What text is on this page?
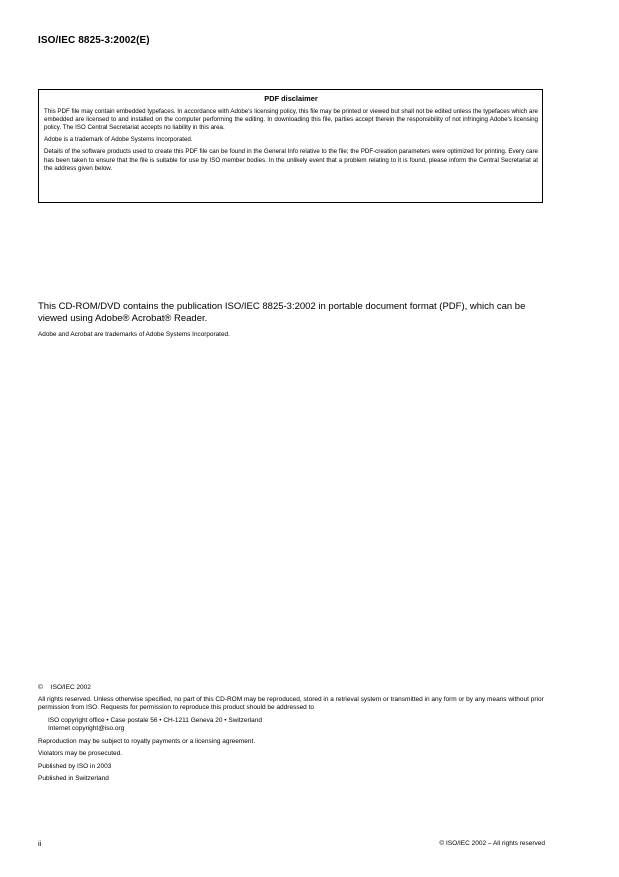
ISO/IEC 8825-3:2002(E)
PDF disclaimer

This PDF file may contain embedded typefaces. In accordance with Adobe's licensing policy, this file may be printed or viewed but shall not be edited unless the typefaces which are embedded are licensed to and installed on the computer performing the editing. In downloading this file, parties accept therein the responsibility of not infringing Adobe's licensing policy. The ISO Central Secretariat accepts no liability in this area.

Adobe is a trademark of Adobe Systems Incorporated.

Details of the software products used to create this PDF file can be found in the General Info relative to the file; the PDF-creation parameters were optimized for printing. Every care has been taken to ensure that the file is suitable for use by ISO member bodies. In the unlikely event that a problem relating to it is found, please inform the Central Secretariat at the address given below.

This CD-ROM/DVD contains the publication ISO/IEC 8825-3:2002 in portable document format (PDF), which can be viewed using Adobe® Acrobat® Reader.
Adobe and Acrobat are trademarks of Adobe Systems Incorporated.

© ISO/IEC 2002

All rights reserved. Unless otherwise specified, no part of this CD-ROM may be reproduced, stored in a retrieval system or transmitted in any form or by any means without prior permission from ISO. Requests for permission to reproduce this product should be addressed to

ISO copyright office • Case postale 56 • CH-1211 Geneva 20 • Switzerland
Internet copyright@iso.org

Reproduction may be subject to royalty payments or a licensing agreement.

Violators may be prosecuted.

Published by ISO in 2003

Published in Switzerland

ii	© ISO/IEC 2002 – All rights reserved
